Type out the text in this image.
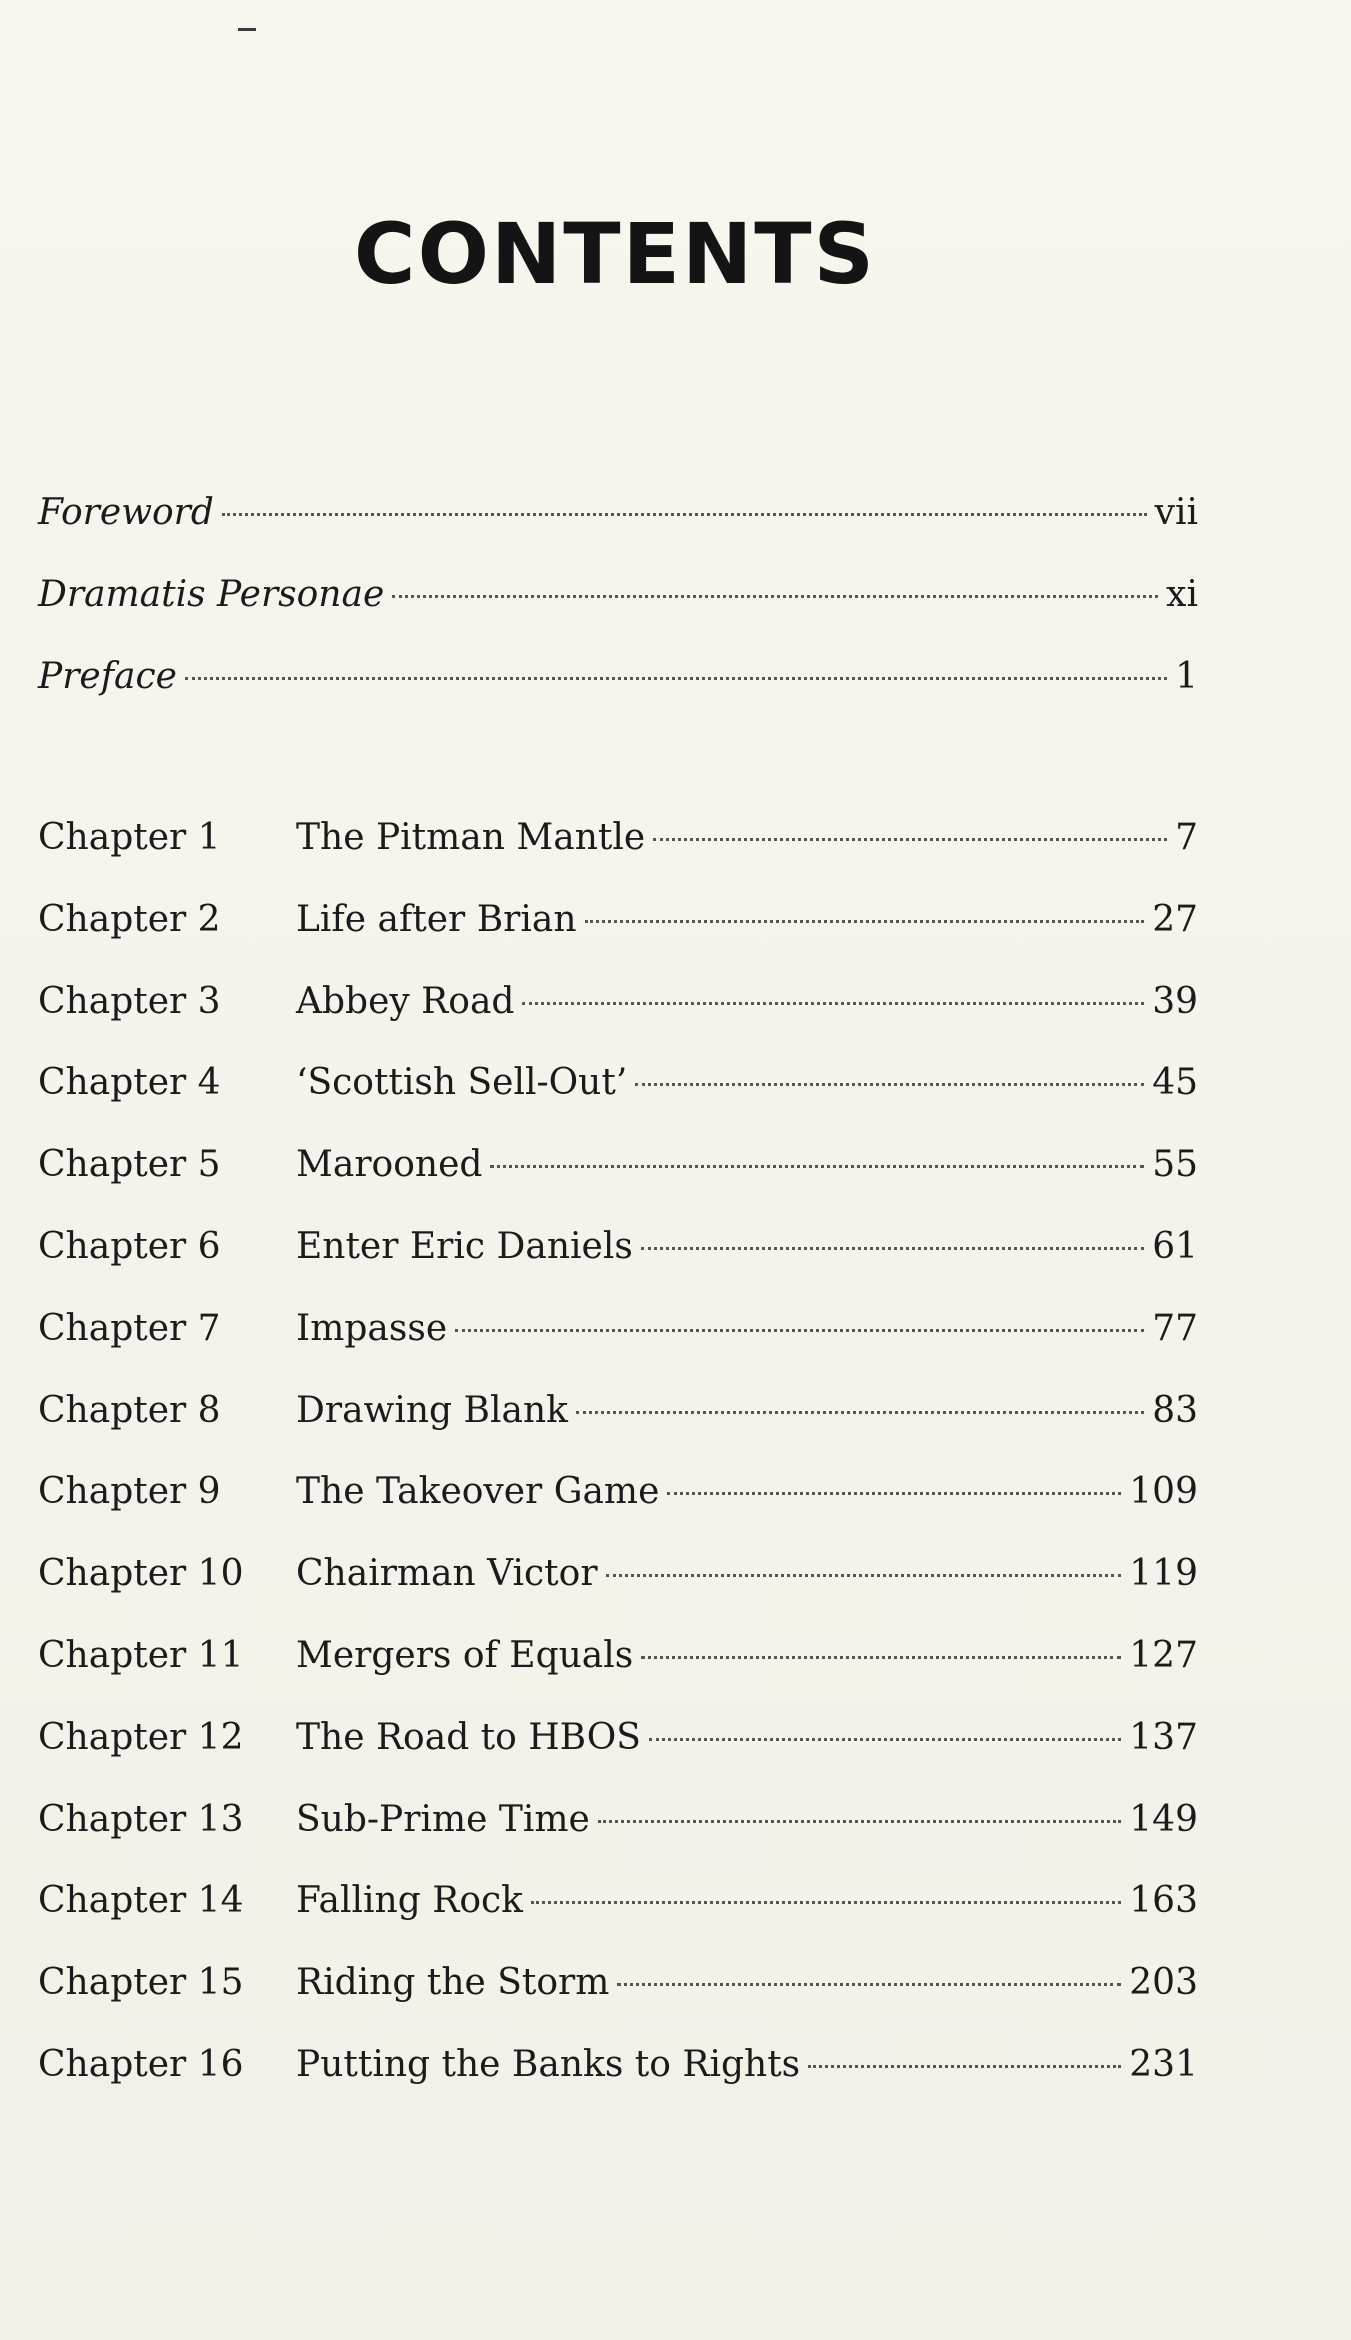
CONTENTS
Foreword	vii
Dramatis Personae	xi
Preface	1
Chapter 1	The Pitman Mantle	7
Chapter 2	Life after Brian	27
Chapter 3	Abbey Road	39
Chapter 4	‘Scottish Sell-Out’	45
Chapter 5	Marooned	55
Chapter 6	Enter Eric Daniels	61
Chapter 7	Impasse	77
Chapter 8	Drawing Blank	83
Chapter 9	The Takeover Game	109
Chapter 10	Chairman Victor	119
Chapter 11	Mergers of Equals	127
Chapter 12	The Road to HBOS	137
Chapter 13	Sub-Prime Time	149
Chapter 14	Falling Rock	163
Chapter 15	Riding the Storm	203
Chapter 16	Putting the Banks to Rights	231
